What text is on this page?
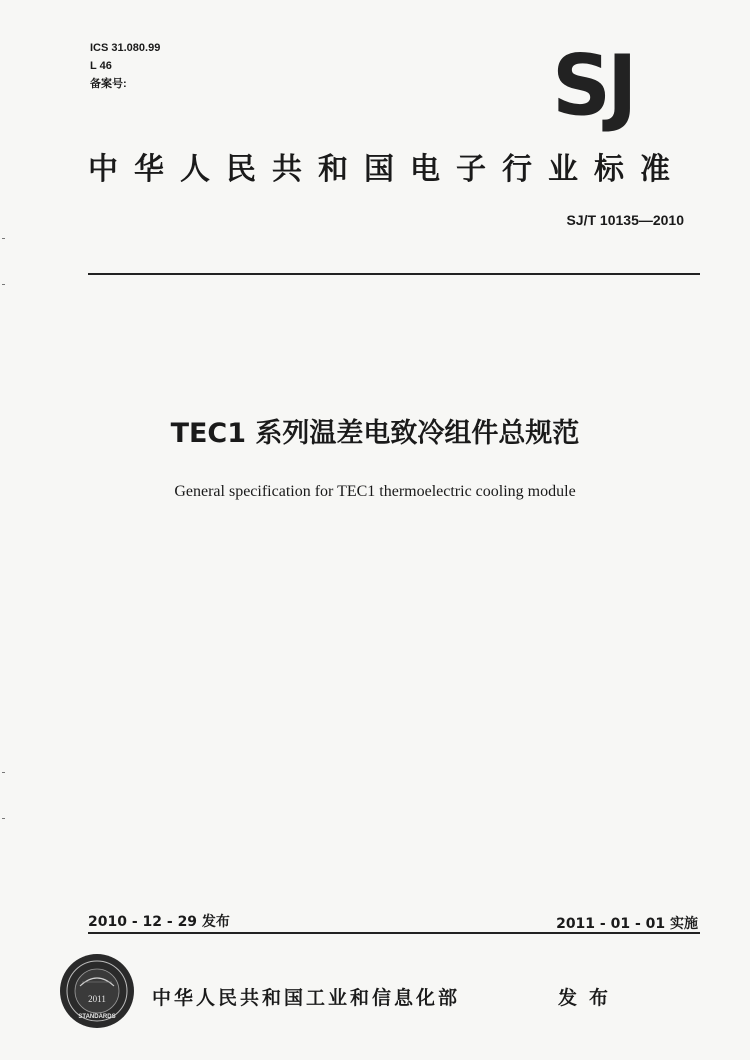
ICS 31.080.99
L 46
备案号:	SJ
中华人民共和国电子行业标准
SJ/T 10135—2010
TEC1 系列温差电致冷组件总规范
General specification for TEC1 thermoelectric cooling module
2010 - 12 - 29 发布	2011 - 01 - 01 实施
2011
STANDARDS
中华人民共和国工业和信息化部	发布
